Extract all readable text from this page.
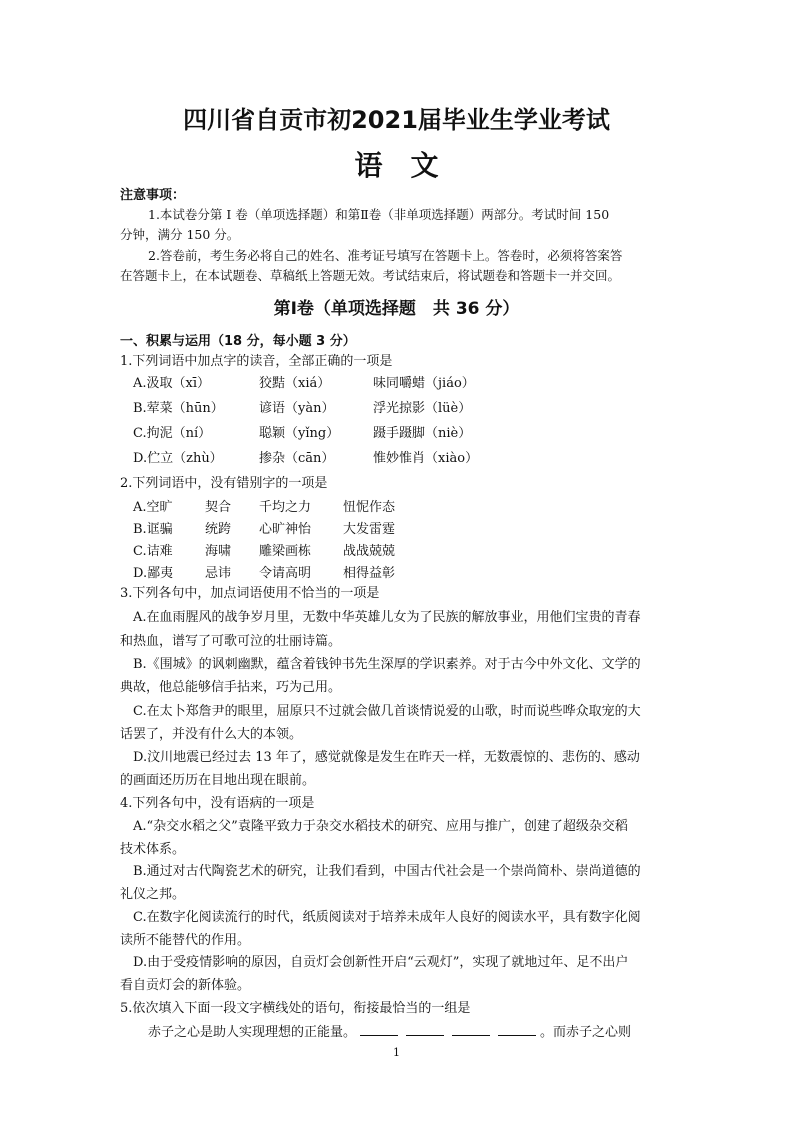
四川省自贡市初2021届毕业生学业考试
语文
注意事项：
1.本试卷分第 Ⅰ 卷（单项选择题）和第Ⅱ卷（非单项选择题）两部分。考试时间 150
分钟，满分 150 分。
2.答卷前，考生务必将自己的姓名、准考证号填写在答题卡上。答卷时，必须将答案答
在答题卡上，在本试题卷、草稿纸上答题无效。考试结束后，将试题卷和答题卡一并交回。
第Ⅰ卷（单项选择题　共 36 分）
一、积累与运用（18 分，每小题 3 分）
1.下列词语中加点字的读音，全部正确的一项是
A.汲取（xī）	狡黠（xiá）	味同嚼蜡（jiáo）
B.荤菜（hūn）	谚语（yàn）	浮光掠影（lüè）
C.拘泥（ní）	聪颖（yǐng）	蹑手蹑脚（niè）
D.伫立（zhù）	掺杂（cān）	惟妙惟肖（xiào）
2.下列词语中，没有错别字的一项是
A.空旷 契合 千均之力 忸怩作态
B.诓骗 统跨 心旷神怡 大发雷霆
C.诘难 海啸 雕梁画栋 战战兢兢
D.鄙夷 忌讳 令请高明 相得益彰
3.下列各句中，加点词语使用不恰当的一项是
A.在血雨腥风的战争岁月里，无数中华英雄儿女为了民族的解放事业，用他们宝贵的青春
和热血，谱写了可歌可泣的壮丽诗篇。
B.《围城》的讽刺幽默，蕴含着钱钟书先生深厚的学识素养。对于古今中外文化、文学的
典故，他总能够信手拈来，巧为己用。
C.在太卜郑詹尹的眼里，屈原只不过就会做几首谈情说爱的山歌，时而说些哗众取宠的大
话罢了，并没有什么大的本领。
D.汶川地震已经过去 13 年了，感觉就像是发生在昨天一样，无数震惊的、悲伤的、感动
的画面还历历在目地出现在眼前。
4.下列各句中，没有语病的一项是
A.“杂交水稻之父”袁隆平致力于杂交水稻技术的研究、应用与推广，创建了超级杂交稻
技术体系。
B.通过对古代陶瓷艺术的研究，让我们看到，中国古代社会是一个崇尚简朴、崇尚道德的
礼仪之邦。
C.在数字化阅读流行的时代，纸质阅读对于培养未成年人良好的阅读水平，具有数字化阅
读所不能替代的作用。
D.由于受疫情影响的原因，自贡灯会创新性开启“云观灯”，实现了就地过年、足不出户
看自贡灯会的新体验。
5.依次填入下面一段文字横线处的语句，衔接最恰当的一组是
赤子之心是助人实现理想的正能量。	。而赤子之心则
1
